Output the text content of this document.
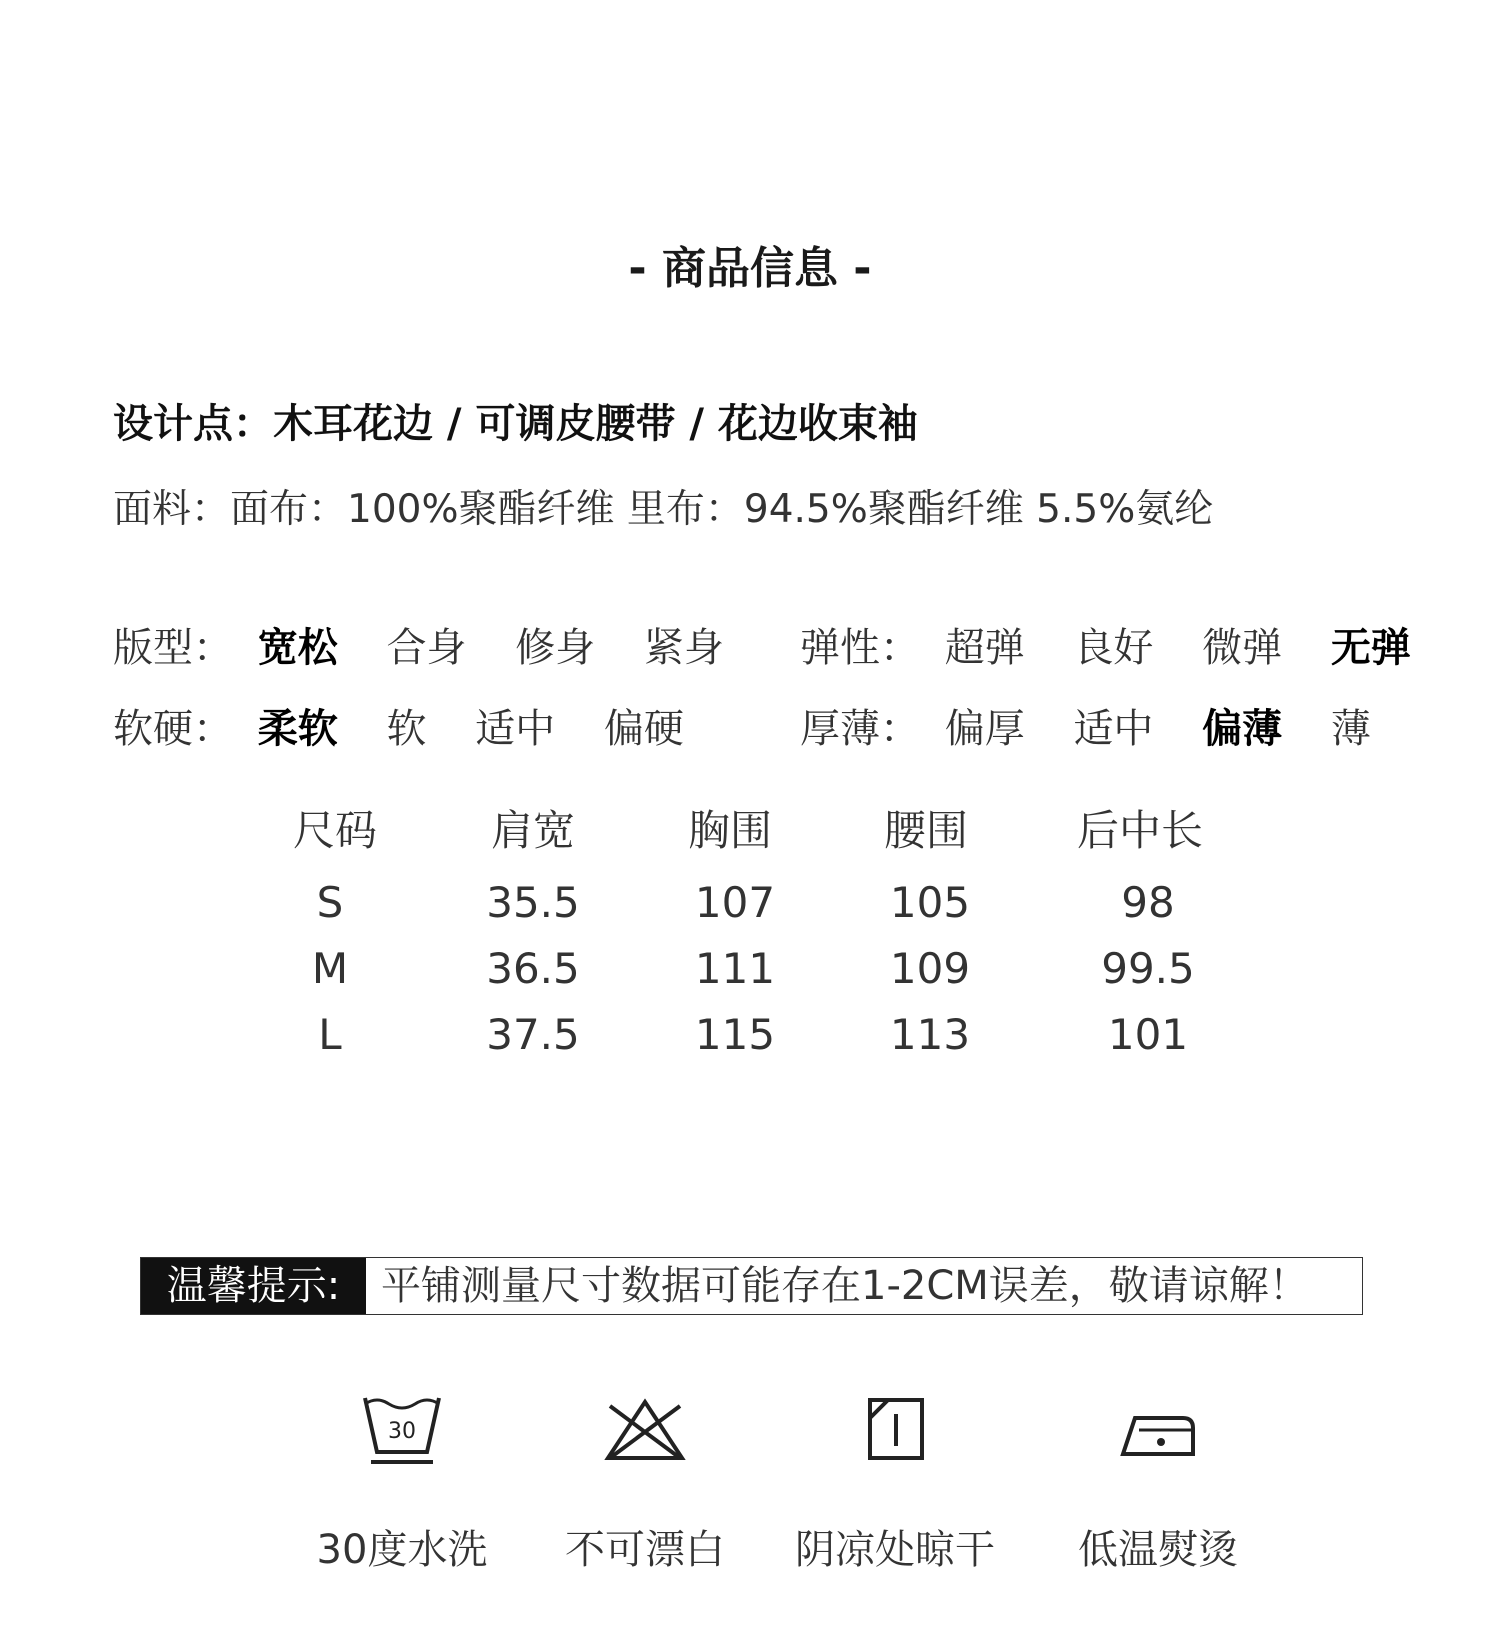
- 商品信息 -
设计点：木耳花边 / 可调皮腰带 / 花边收束袖
面料：面布：100%聚酯纤维 里布：94.5%聚酯纤维 5.5%氨纶
版型： 宽松 合身 修身 紧身	弹性： 超弹 良好 微弹 无弹
软硬： 柔软 软 适中 偏硬	厚薄： 偏厚 适中 偏薄 薄
尺码	肩宽	胸围	腰围	后中长
S	35.5	107	105	98
M	36.5	111	109	99.5
L	37.5	115	113	101
温馨提示:	平铺测量尺寸数据可能存在1-2CM误差，敬请谅解！
30
30度水洗	不可漂白	阴凉处晾干	低温熨烫
